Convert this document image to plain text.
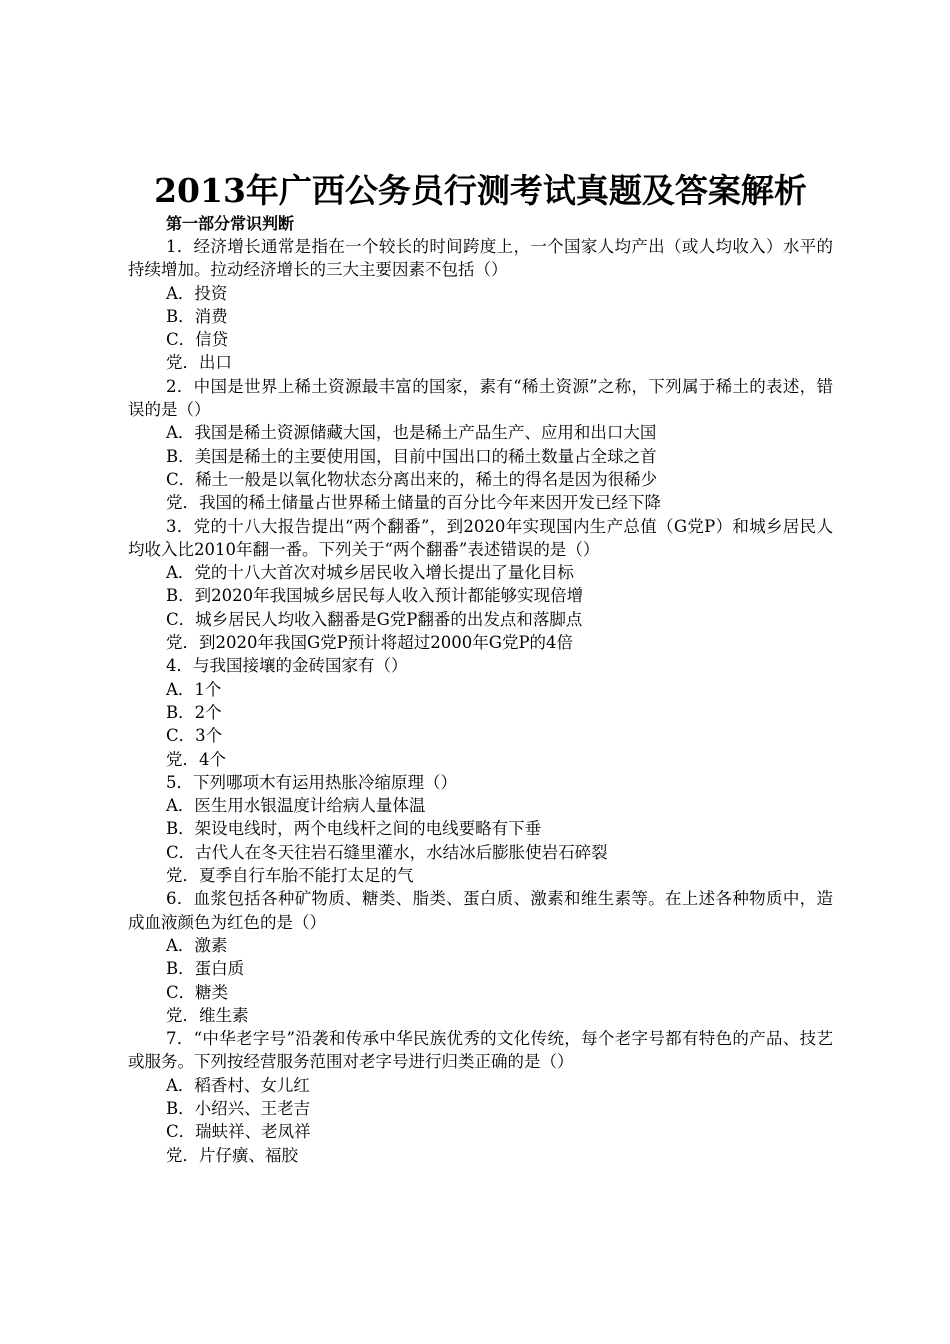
2013年广西公务员行测考试真题及答案解析

第一部分常识判断

1．经济增长通常是指在一个较长的时间跨度上，一个国家人均产出（或人均收入）水平的持续增加。拉动经济增长的三大主要因素不包括（）

A．投资

B．消费

C．信贷

党．出口

2．中国是世界上稀土资源最丰富的国家，素有“稀土资源”之称，下列属于稀土的表述，错误的是（）

A．我国是稀土资源储藏大国，也是稀土产品生产、应用和出口大国

B．美国是稀土的主要使用国，目前中国出口的稀土数量占全球之首

C．稀土一般是以氧化物状态分离出来的，稀土的得名是因为很稀少

党．我国的稀土储量占世界稀土储量的百分比今年来因开发已经下降

3．党的十八大报告提出“两个翻番”，到2020年实现国内生产总值（G党P）和城乡居民人均收入比2010年翻一番。下列关于“两个翻番”表述错误的是（）

A．党的十八大首次对城乡居民收入增长提出了量化目标

B．到2020年我国城乡居民每人收入预计都能够实现倍增

C．城乡居民人均收入翻番是G党P翻番的出发点和落脚点

党．到2020年我国G党P预计将超过2000年G党P的4倍

4．与我国接壤的金砖国家有（）

A．1个

B．2个

C．3个

党．4个

5．下列哪项木有运用热胀冷缩原理（）

A．医生用水银温度计给病人量体温

B．架设电线时，两个电线杆之间的电线要略有下垂

C．古代人在冬天往岩石缝里灌水，水结冰后膨胀使岩石碎裂

党．夏季自行车胎不能打太足的气

6．血浆包括各种矿物质、糖类、脂类、蛋白质、激素和维生素等。在上述各种物质中，造成血液颜色为红色的是（）

A．激素

B．蛋白质

C．糖类

党．维生素

7．“中华老字号”沿袭和传承中华民族优秀的文化传统，每个老字号都有特色的产品、技艺或服务。下列按经营服务范围对老字号进行归类正确的是（）

A．稻香村、女儿红

B．小绍兴、王老吉

C．瑞蚨祥、老凤祥

党．片仔癀、福胶
